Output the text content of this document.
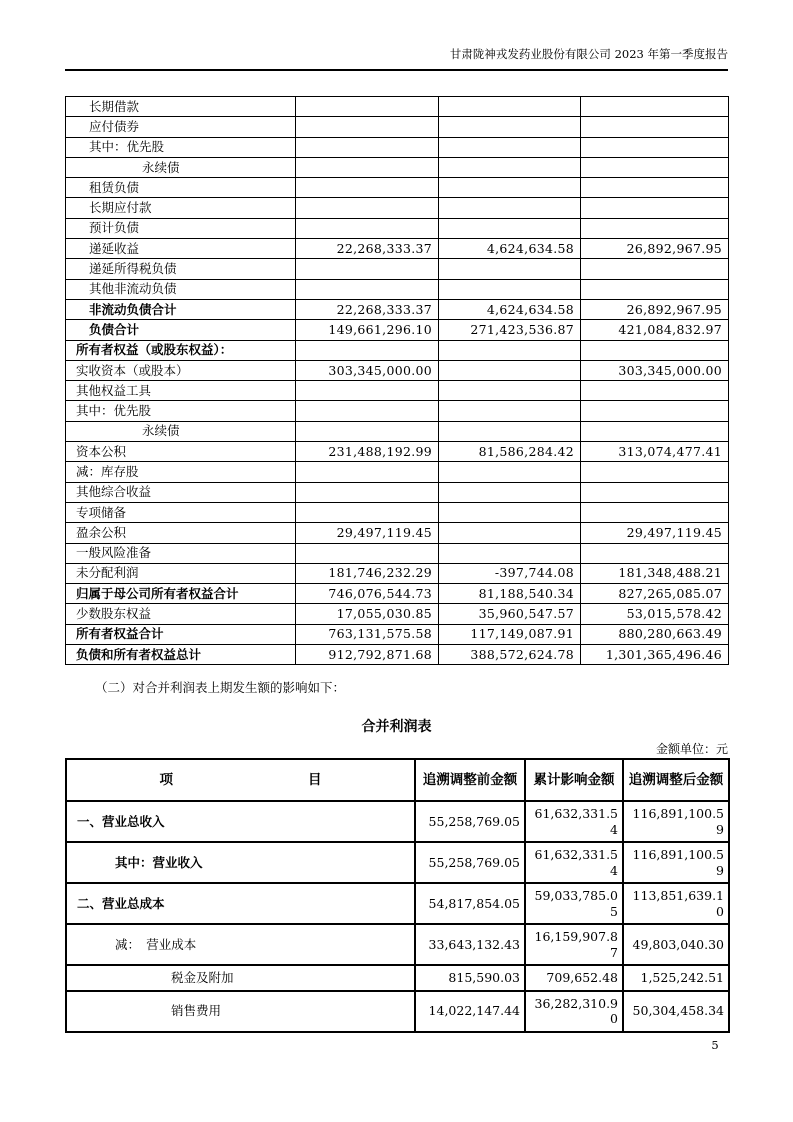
甘肃陇神戎发药业股份有限公司 2023 年第一季度报告
长期借款			
应付债券			
其中：优先股			
永续债			
租赁负债			
长期应付款			
预计负债			
递延收益	22,268,333.37	4,624,634.58	26,892,967.95
递延所得税负债			
其他非流动负债			
非流动负债合计	22,268,333.37	4,624,634.58	26,892,967.95
负债合计	149,661,296.10	271,423,536.87	421,084,832.97
所有者权益（或股东权益）：			
实收资本（或股本）	303,345,000.00		303,345,000.00
其他权益工具			
其中：优先股			
永续债			
资本公积	231,488,192.99	81,586,284.42	313,074,477.41
减：库存股			
其他综合收益			
专项储备			
盈余公积	29,497,119.45		29,497,119.45
一般风险准备			
未分配利润	181,746,232.29	-397,744.08	181,348,488.21
归属于母公司所有者权益合计	746,076,544.73	81,188,540.34	827,265,085.07
少数股东权益	17,055,030.85	35,960,547.57	53,015,578.42
所有者权益合计	763,131,575.58	117,149,087.91	880,280,663.49
负债和所有者权益总计	912,792,871.68	388,572,624.78	1,301,365,496.46

（二）对合并利润表上期发生额的影响如下：

合并利润表
金额单位：元
项 目	追溯调整前金额	累计影响金额	追溯调整后金额
一、营业总收入	55,258,769.05	61,632,331.54	116,891,100.59
其中：营业收入	55,258,769.05	61,632,331.54	116,891,100.59
二、营业总成本	54,817,854.05	59,033,785.05	113,851,639.10
减：　营业成本	33,643,132.43	16,159,907.87	49,803,040.30
税金及附加	815,590.03	709,652.48	1,525,242.51
销售费用	14,022,147.44	36,282,310.90	50,304,458.34
5
